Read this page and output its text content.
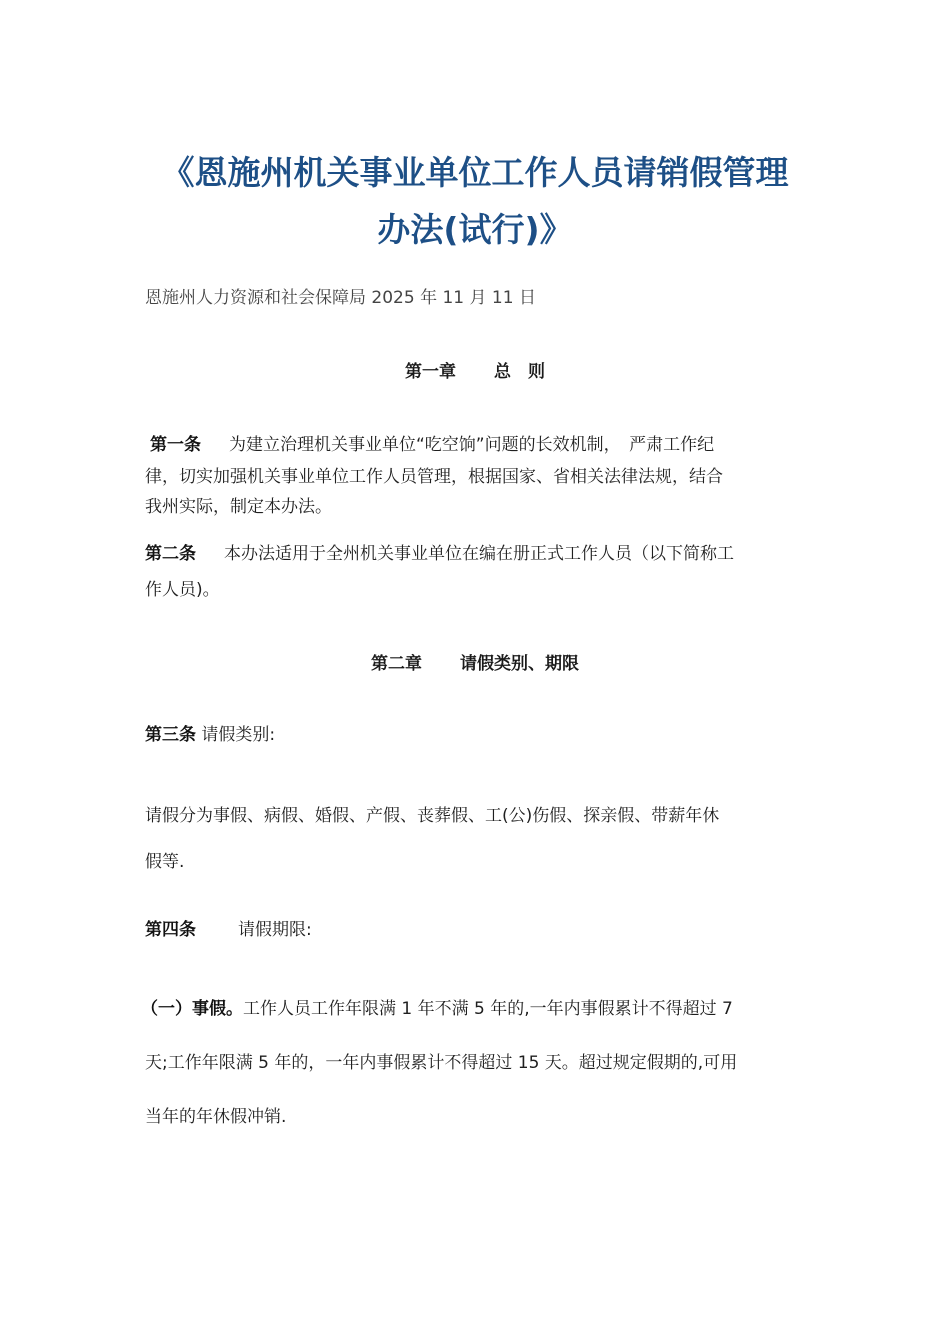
《恩施州机关事业单位工作人员请销假管理
办法(试行)》
恩施州人力资源和社会保障局 2025 年 11 月 11 日
第一章 总　则
第一条 为建立治理机关事业单位“吃空饷”问题的长效机制，　严肃工作纪
律，切实加强机关事业单位工作人员管理，根据国家、省相关法律法规，结合
我州实际，制定本办法。
第二条 本办法适用于全州机关事业单位在编在册正式工作人员（以下简称工
作人员)。
第二章 请假类别、期限
第三条 请假类别:
请假分为事假、病假、婚假、产假、丧葬假、工(公)伤假、探亲假、带薪年休
假等.
第四条 请假期限:
（一）事假。工作人员工作年限满 1 年不满 5 年的,一年内事假累计不得超过 7
天;工作年限满 5 年的，一年内事假累计不得超过 15 天。超过规定假期的,可用
当年的年休假冲销.
